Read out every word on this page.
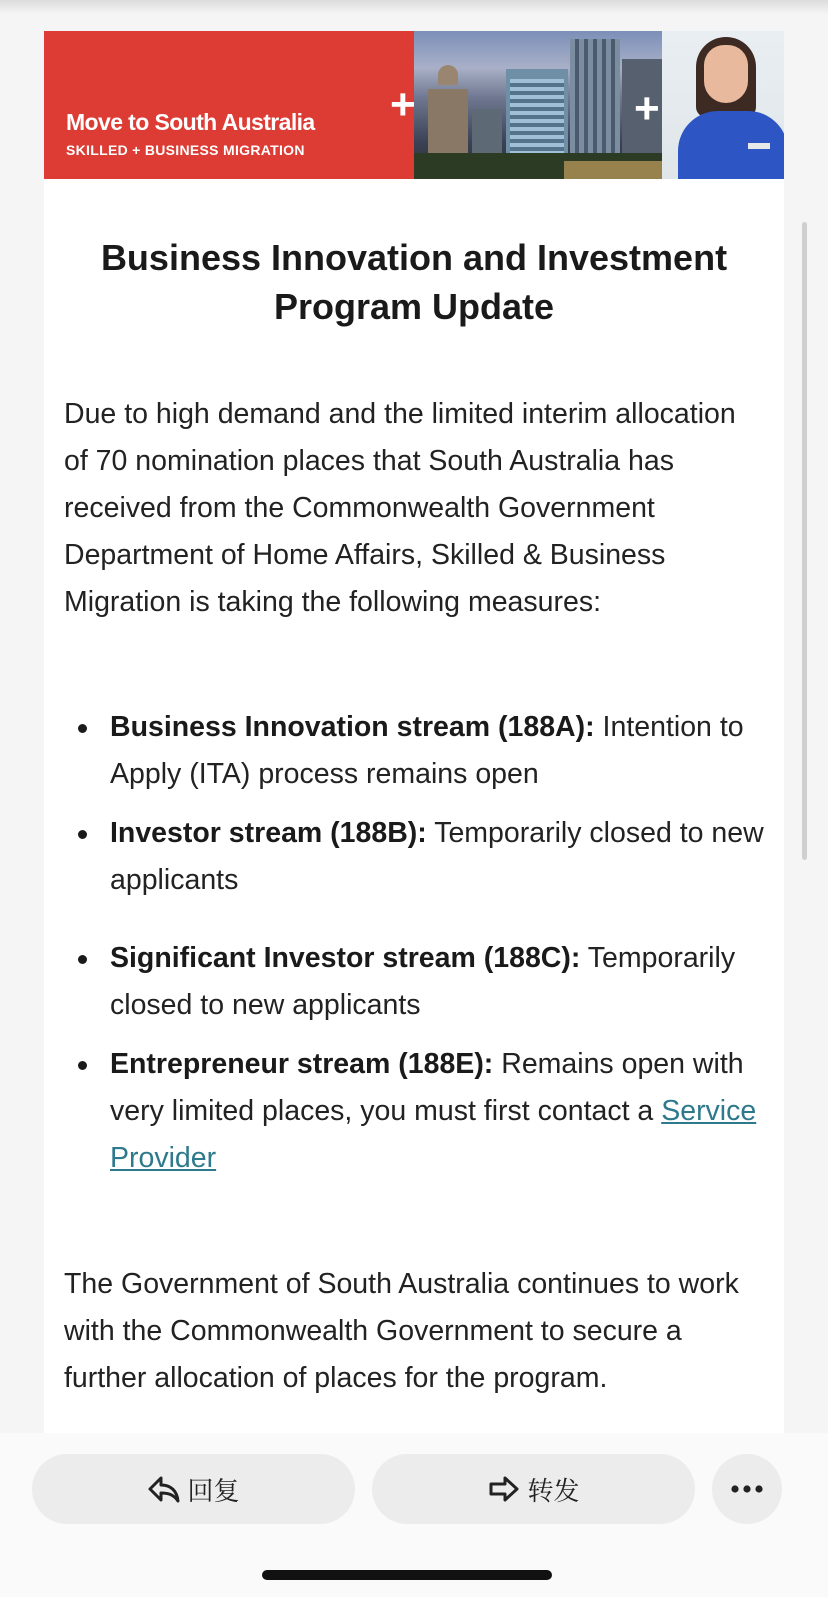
Move to South Australia
SKILLED + BUSINESS MIGRATION
+	+
Business Innovation and Investment Program Update

Due to high demand and the limited interim allocation of 70 nomination places that South Australia has received from the Commonwealth Government Department of Home Affairs, Skilled & Business Migration is taking the following measures:

Business Innovation stream (188A): Intention to Apply (ITA) process remains open
Investor stream (188B): Temporarily closed to new applicants
Significant Investor stream (188C): Temporarily closed to new applicants
Entrepreneur stream (188E): Remains open with very limited places, you must first contact a Service Provider

The Government of South Australia continues to work with the Commonwealth Government to secure a further allocation of places for the program.

回复	转发
